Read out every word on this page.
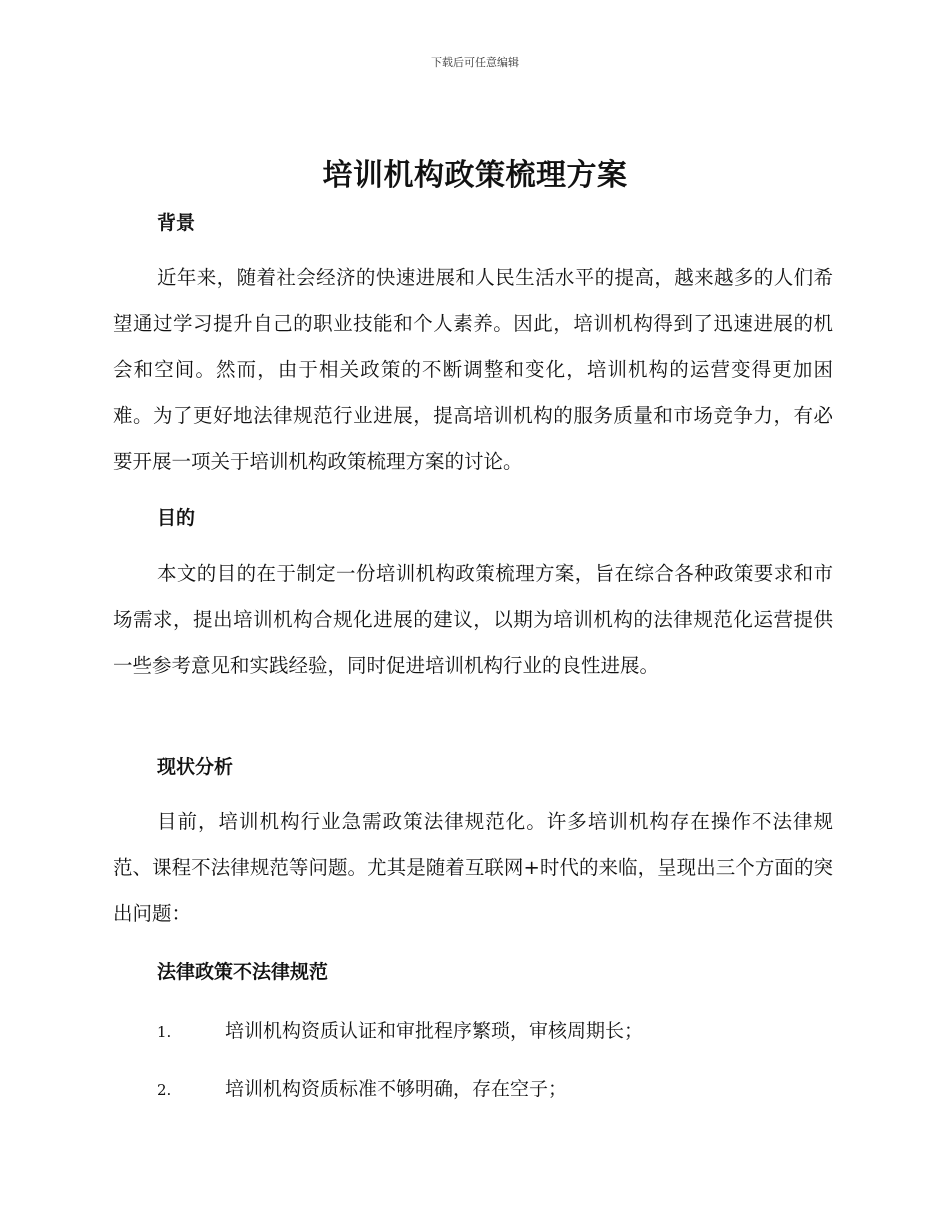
下载后可任意编辑
培训机构政策梳理方案
背景

近年来，随着社会经济的快速进展和人民生活水平的提高，越来越多的人们希望通过学习提升自己的职业技能和个人素养。因此，培训机构得到了迅速进展的机会和空间。然而，由于相关政策的不断调整和变化，培训机构的运营变得更加困难。为了更好地法律规范行业进展，提高培训机构的服务质量和市场竞争力，有必要开展一项关于培训机构政策梳理方案的讨论。

目的

本文的目的在于制定一份培训机构政策梳理方案，旨在综合各种政策要求和市场需求，提出培训机构合规化进展的建议，以期为培训机构的法律规范化运营提供一些参考意见和实践经验，同时促进培训机构行业的良性进展。

现状分析

目前，培训机构行业急需政策法律规范化。许多培训机构存在操作不法律规范、课程不法律规范等问题。尤其是随着互联网+时代的来临，呈现出三个方面的突出问题：

法律政策不法律规范

1.	培训机构资质认证和审批程序繁琐，审核周期长；

2.	培训机构资质标准不够明确，存在空子；
